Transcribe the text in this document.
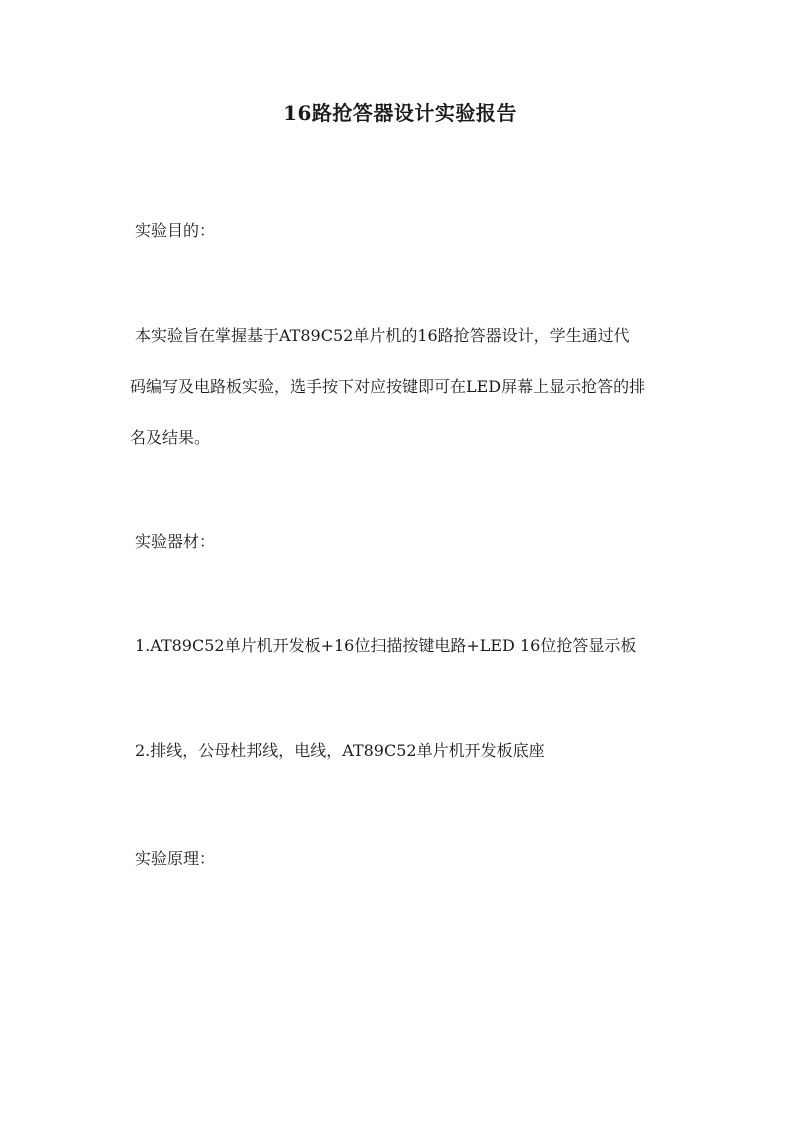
16路抢答器设计实验报告

实验目的：

本实验旨在掌握基于AT89C52单片机的16路抢答器设计，学生通过代
码编写及电路板实验，选手按下对应按键即可在LED屏幕上显示抢答的排
名及结果。

实验器材：

1.AT89C52单片机开发板+16位扫描按键电路+LED 16位抢答显示板

2.排线，公母杜邦线，电线，AT89C52单片机开发板底座

实验原理：
